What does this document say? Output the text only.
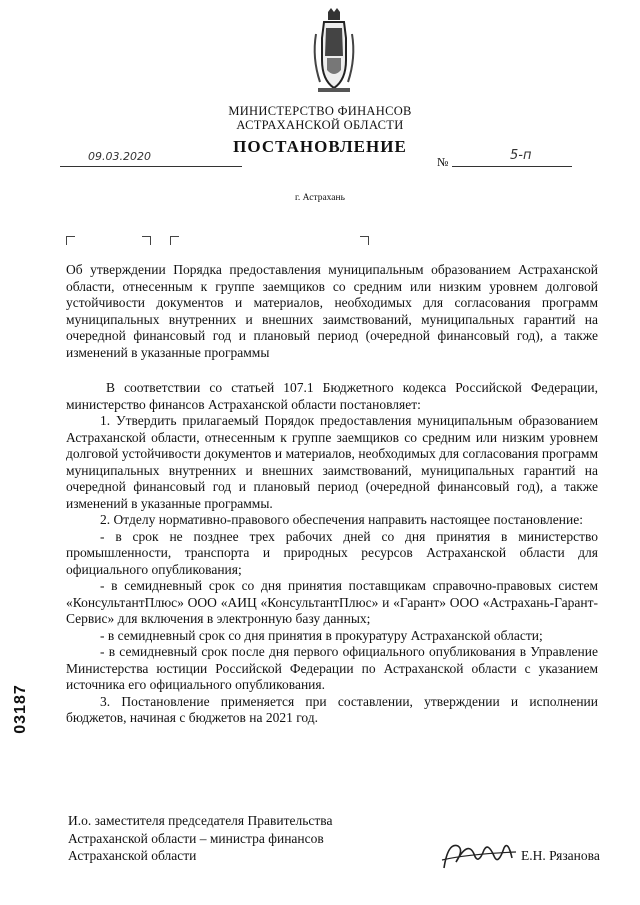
МИНИСТЕРСТВО ФИНАНСОВ
АСТРАХАНСКОЙ ОБЛАСТИ
ПОСТАНОВЛЕНИЕ
09.03.2020	№	5-п
г. Астрахань
Об утверждении Порядка предоставления муниципальным образованием Астраханской области, отнесенным к группе заемщиков со средним или низким уровнем долговой устойчивости документов и материалов, необходимых для согласования программ муниципальных внутренних и внешних заимствований, муниципальных гарантий на очередной финансовый год и плановый период (очередной финансовый год), а также изменений в указанные программы

В соответствии со статьей 107.1 Бюджетного кодекса Российской Федерации, министерство финансов Астраханской области постановляет:

1. Утвердить прилагаемый Порядок предоставления муниципальным образованием Астраханской области, отнесенным к группе заемщиков со средним или низким уровнем долговой устойчивости документов и материалов, необходимых для согласования программ муниципальных внутренних и внешних заимствований, муниципальных гарантий на очередной финансовый год и плановый период (очередной финансовый год), а также изменений в указанные программы.

2. Отделу нормативно-правового обеспечения направить настоящее постановление:

- в срок не позднее трех рабочих дней со дня принятия в министерство промышленности, транспорта и природных ресурсов Астраханской области для официального опубликования;

- в семидневный срок со дня принятия поставщикам справочно-правовых систем «КонсультантПлюс» ООО «АИЦ «КонсультантПлюс» и «Гарант» ООО «Астрахань-Гарант-Сервис» для включения в электронную базу данных;

- в семидневный срок со дня принятия в прокуратуру Астраханской области;

- в семидневный срок после дня первого официального опубликования в Управление Министерства юстиции Российской Федерации по Астраханской области с указанием источника его официального опубликования.

3. Постановление применяется при составлении, утверждении и исполнении бюджетов, начиная с бюджетов на 2021 год.

И.о. заместителя председателя Правительства
Астраханской области – министра финансов
Астраханской области	Е.Н. Рязанова
03187
